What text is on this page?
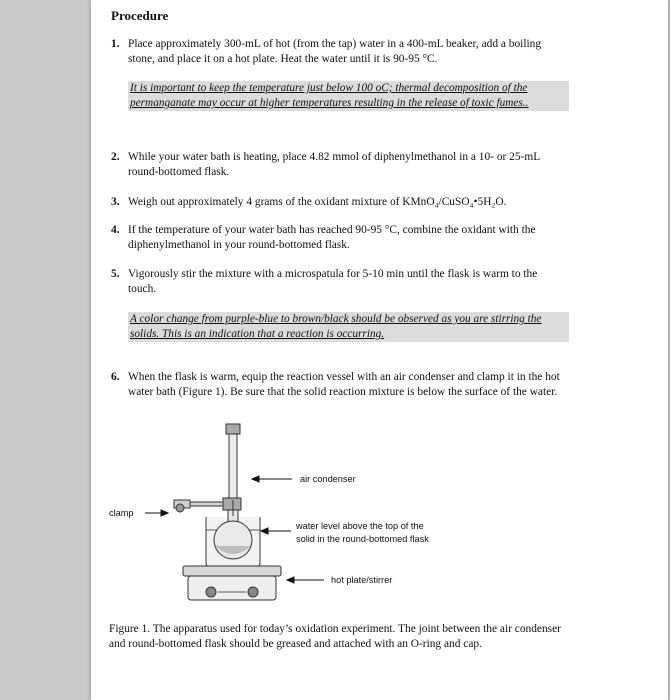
Procedure
1. Place approximately 300-mL of hot (from the tap) water in a 400-mL beaker, add a boiling stone, and place it on a hot plate. Heat the water until it is 90-95 °C.
It is important to keep the temperature just below 100 oC; thermal decomposition of the permanganate may occur at higher temperatures resulting in the release of toxic fumes..
2. While your water bath is heating, place 4.82 mmol of diphenylmethanol in a 10- or 25-mL round-bottomed flask.
3. Weigh out approximately 4 grams of the oxidant mixture of KMnO₄/CuSO₄•5H₂O.
4. If the temperature of your water bath has reached 90-95 °C, combine the oxidant with the diphenylmethanol in your round-bottomed flask.
5. Vigorously stir the mixture with a microspatula for 5-10 min until the flask is warm to the touch.
A color change from purple-blue to brown/black should be observed as you are stirring the solids. This is an indication that a reaction is occurring.
6. When the flask is warm, equip the reaction vessel with an air condenser and clamp it in the hot water bath (Figure 1). Be sure that the solid reaction mixture is below the surface of the water.
air condenser
clamp
water level above the top of the
solid in the round-bottomed flask
hot plate/stirrer
Figure 1. The apparatus used for today’s oxidation experiment. The joint between the air condenser and round-bottomed flask should be greased and attached with an O-ring and cap.
